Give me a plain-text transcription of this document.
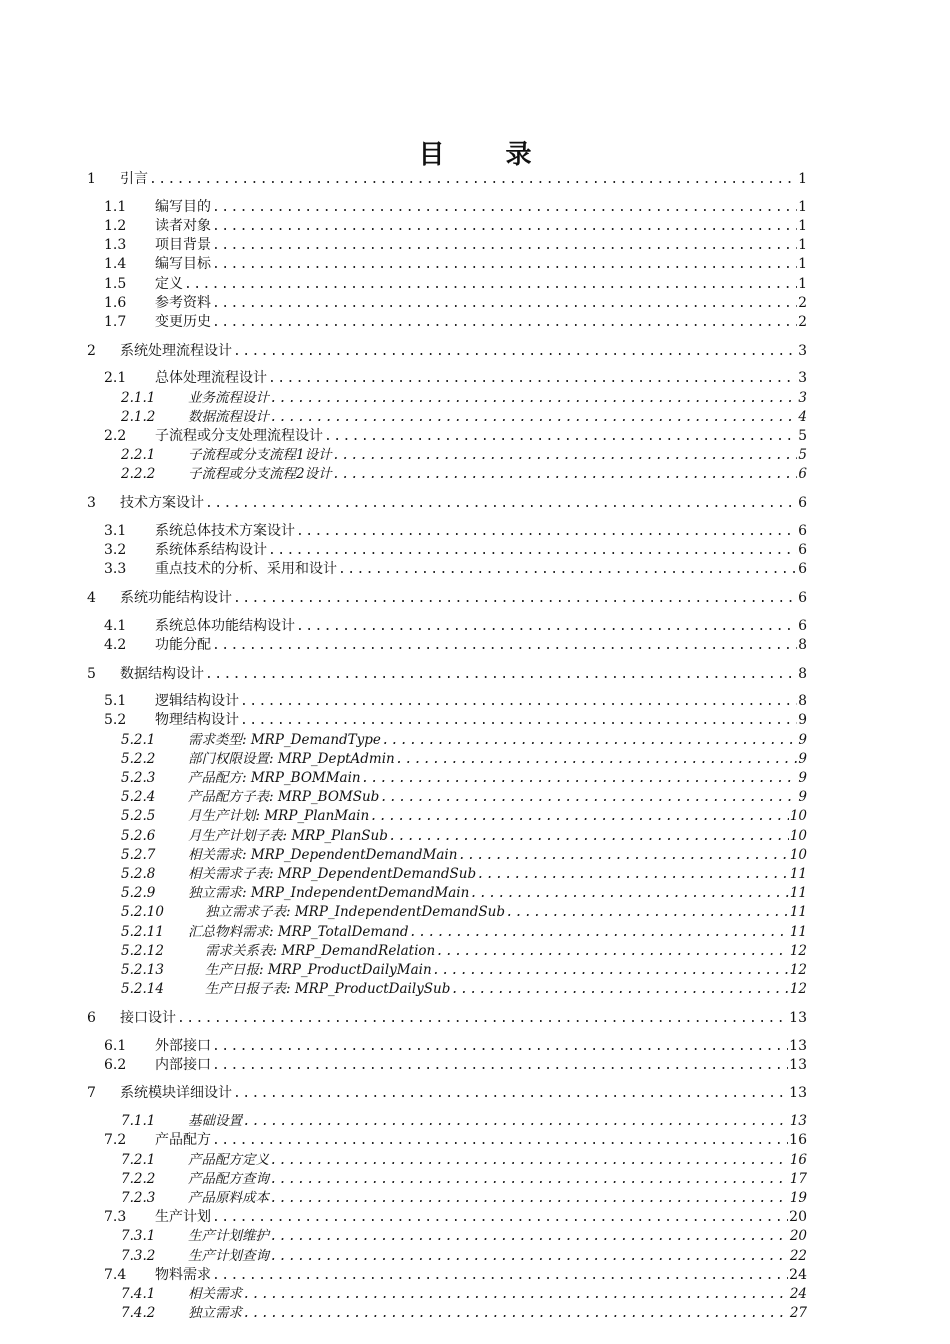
目 录
1	引言 .....	1
1.1	编写目的 .....	1
1.2	读者对象 .....	1
1.3	项目背景 .....	1
1.4	编写目标 .....	1
1.5	定义 .....	1
1.6	参考资料 .....	2
1.7	变更历史 .....	2
2	系统处理流程设计 .....	3
2.1	总体处理流程设计 .....	3
2.1.1	业务流程设计 .....	3
2.1.2	数据流程设计 .....	4
2.2	子流程或分支处理流程设计 .....	5
2.2.1	子流程或分支流程1设计 .....	5
2.2.2	子流程或分支流程2设计 .....	6
3	技术方案设计 .....	6
3.1	系统总体技术方案设计 .....	6
3.2	系统体系结构设计 .....	6
3.3	重点技术的分析、采用和设计 .....	6
4	系统功能结构设计 .....	6
4.1	系统总体功能结构设计 .....	6
4.2	功能分配 .....	8
5	数据结构设计 .....	8
5.1	逻辑结构设计 .....	8
5.2	物理结构设计 .....	9
5.2.1	需求类型: MRP_DemandType .....	9
5.2.2	部门权限设置: MRP_DeptAdmin .....	9
5.2.3	产品配方: MRP_BOMMain .....	9
5.2.4	产品配方子表: MRP_BOMSub .....	9
5.2.5	月生产计划: MRP_PlanMain .....	10
5.2.6	月生产计划子表: MRP_PlanSub .....	10
5.2.7	相关需求: MRP_DependentDemandMain .....	10
5.2.8	相关需求子表: MRP_DependentDemandSub .....	11
5.2.9	独立需求: MRP_IndependentDemandMain .....	11
5.2.10	独立需求子表: MRP_IndependentDemandSub .....	11
5.2.11	汇总物料需求: MRP_TotalDemand .....	11
5.2.12	需求关系表: MRP_DemandRelation .....	12
5.2.13	生产日报: MRP_ProductDailyMain .....	12
5.2.14	生产日报子表: MRP_ProductDailySub .....	12
6	接口设计 .....	13
6.1	外部接口 .....	13
6.2	内部接口 .....	13
7	系统模块详细设计 .....	13
7.1.1	基础设置 .....	13
7.2	产品配方 .....	16
7.2.1	产品配方定义 .....	16
7.2.2	产品配方查询 .....	17
7.2.3	产品原料成本 .....	19
7.3	生产计划 .....	20
7.3.1	生产计划维护 .....	20
7.3.2	生产计划查询 .....	22
7.4	物料需求 .....	24
7.4.1	相关需求 .....	24
7.4.2	独立需求 .....	27
